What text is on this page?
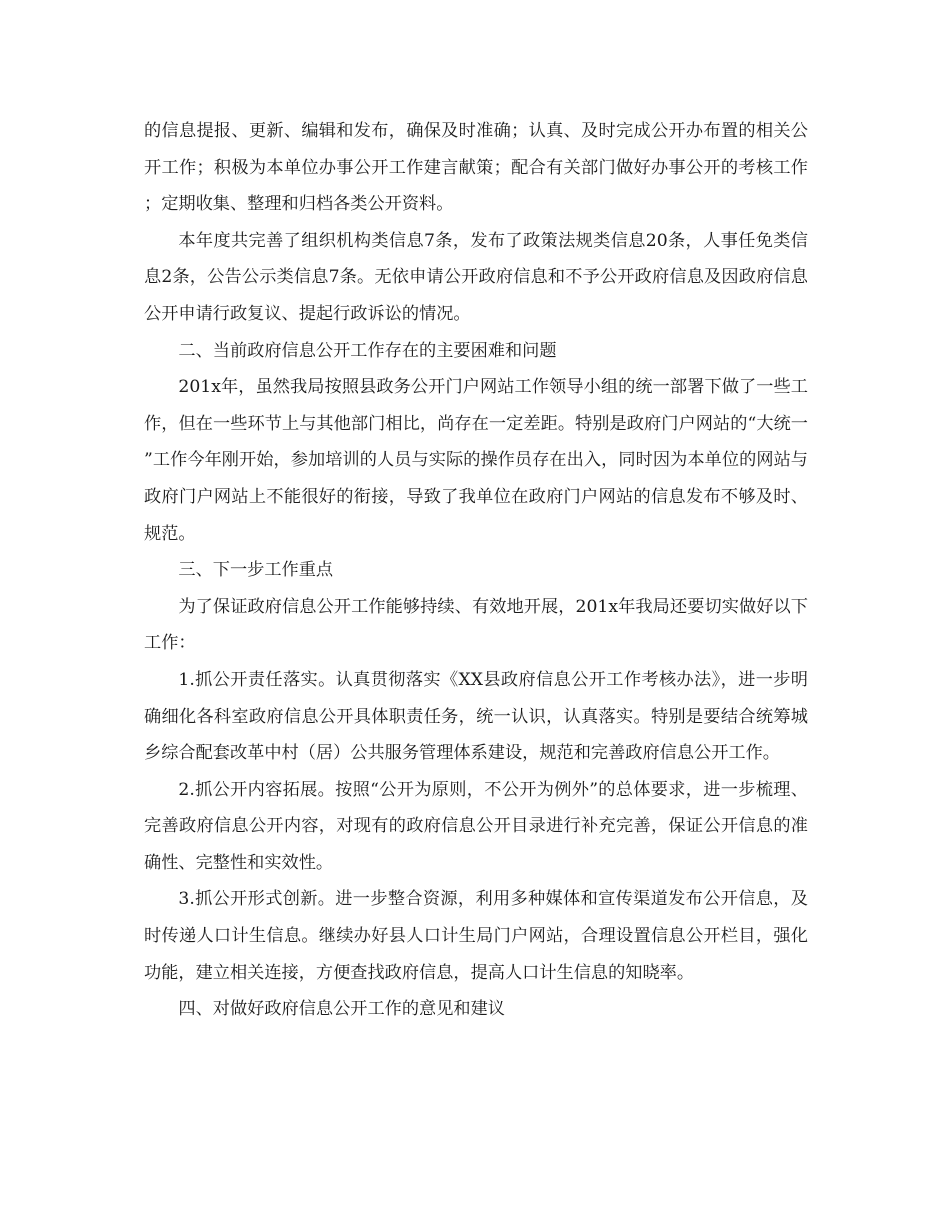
的信息提报、更新、编辑和发布，确保及时准确；认真、及时完成公开办布置的相关公开工作；积极为本单位办事公开工作建言献策；配合有关部门做好办事公开的考核工作；定期收集、整理和归档各类公开资料。

本年度共完善了组织机构类信息7条，发布了政策法规类信息20条，人事任免类信息2条，公告公示类信息7条。无依申请公开政府信息和不予公开政府信息及因政府信息公开申请行政复议、提起行政诉讼的情况。

二、当前政府信息公开工作存在的主要困难和问题

201x年，虽然我局按照县政务公开门户网站工作领导小组的统一部署下做了一些工作，但在一些环节上与其他部门相比，尚存在一定差距。特别是政府门户网站的“大统一”工作今年刚开始，参加培训的人员与实际的操作员存在出入，同时因为本单位的网站与政府门户网站上不能很好的衔接，导致了我单位在政府门户网站的信息发布不够及时、规范。

三、下一步工作重点

为了保证政府信息公开工作能够持续、有效地开展，201x年我局还要切实做好以下工作：

1.抓公开责任落实。认真贯彻落实《XX县政府信息公开工作考核办法》，进一步明确细化各科室政府信息公开具体职责任务，统一认识，认真落实。特别是要结合统筹城乡综合配套改革中村（居）公共服务管理体系建设，规范和完善政府信息公开工作。

2.抓公开内容拓展。按照“公开为原则，不公开为例外”的总体要求，进一步梳理、完善政府信息公开内容，对现有的政府信息公开目录进行补充完善，保证公开信息的准确性、完整性和实效性。

3.抓公开形式创新。进一步整合资源，利用多种媒体和宣传渠道发布公开信息，及时传递人口计生信息。继续办好县人口计生局门户网站，合理设置信息公开栏目，强化功能，建立相关连接，方便查找政府信息，提高人口计生信息的知晓率。

四、对做好政府信息公开工作的意见和建议
